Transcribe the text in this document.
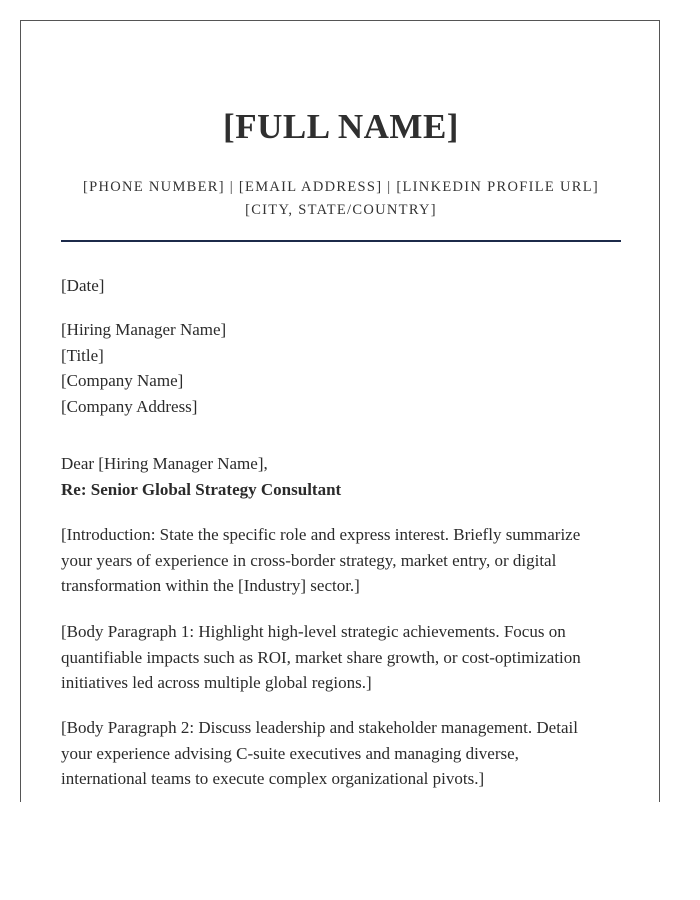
[FULL NAME]
[PHONE NUMBER] | [EMAIL ADDRESS] | [LINKEDIN PROFILE URL]
[CITY, STATE/COUNTRY]
[Date]
[Hiring Manager Name]
[Title]
[Company Name]
[Company Address]
Dear [Hiring Manager Name],
Re: Senior Global Strategy Consultant
[Introduction: State the specific role and express interest. Briefly summarize
your years of experience in cross-border strategy, market entry, or digital
transformation within the [Industry] sector.]
[Body Paragraph 1: Highlight high-level strategic achievements. Focus on
quantifiable impacts such as ROI, market share growth, or cost-optimization
initiatives led across multiple global regions.]
[Body Paragraph 2: Discuss leadership and stakeholder management. Detail
your experience advising C-suite executives and managing diverse,
international teams to execute complex organizational pivots.]
